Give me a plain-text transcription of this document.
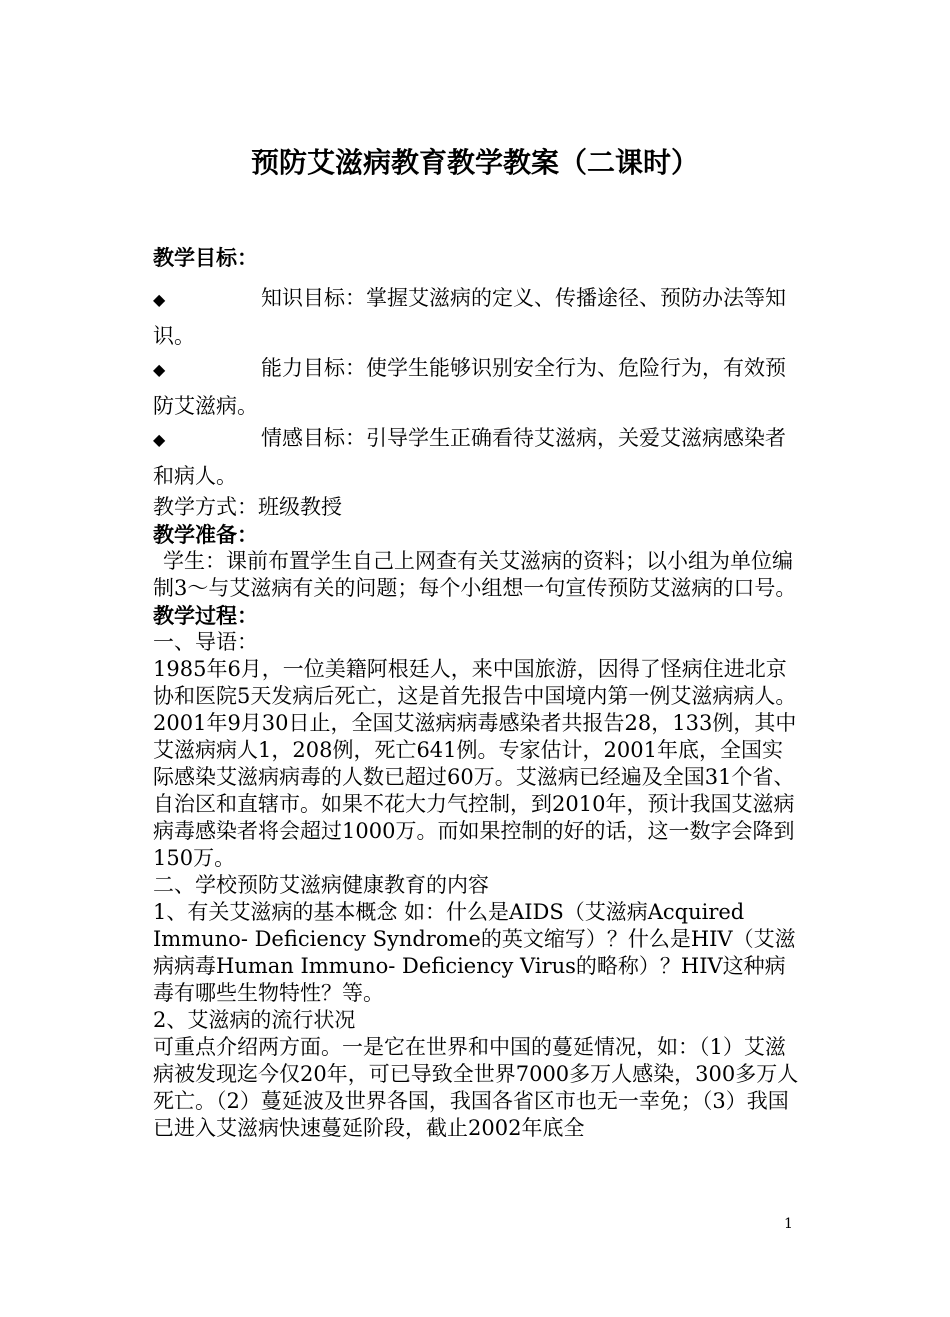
预防艾滋病教育教学教案（二课时）
教学目标：
◆	知识目标：掌握艾滋病的定义、传播途径、预防办法等知识。
◆	能力目标：使学生能够识别安全行为、危险行为，有效预防艾滋病。
◆	情感目标：引导学生正确看待艾滋病，关爱艾滋病感染者和病人。

教学方式：班级教授

教学准备：

学生：课前布置学生自己上网查有关艾滋病的资料；以小组为单位编制3～与艾滋病有关的问题；每个小组想一句宣传预防艾滋病的口号。

教学过程：

一、导语：

1985年6月，一位美籍阿根廷人，来中国旅游，因得了怪病住进北京协和医院5天发病后死亡，这是首先报告中国境内第一例艾滋病病人。

2001年9月30日止，全国艾滋病病毒感染者共报告28，133例，其中艾滋病病人1，208例，死亡641例。专家估计，2001年底，全国实际感染艾滋病病毒的人数已超过60万。艾滋病已经遍及全国31个省、自治区和直辖市。如果不花大力气控制，到2010年，预计我国艾滋病病毒感染者将会超过1000万。而如果控制的好的话，这一数字会降到150万。

二、学校预防艾滋病健康教育的内容

1、有关艾滋病的基本概念 如：什么是AIDS（艾滋病Acquired Immuno- Deficiency Syndrome的英文缩写）？什么是HIV（艾滋病病毒Human Immuno- Deficiency Virus的略称）？HIV这种病毒有哪些生物特性？等。

2、艾滋病的流行状况

可重点介绍两方面。一是它在世界和中国的蔓延情况，如：（1）艾滋病被发现迄今仅20年，可已导致全世界7000多万人感染，300多万人死亡。（2）蔓延波及世界各国，我国各省区市也无一幸免；（3）我国已进入艾滋病快速蔓延阶段，截止2002年底全

1
